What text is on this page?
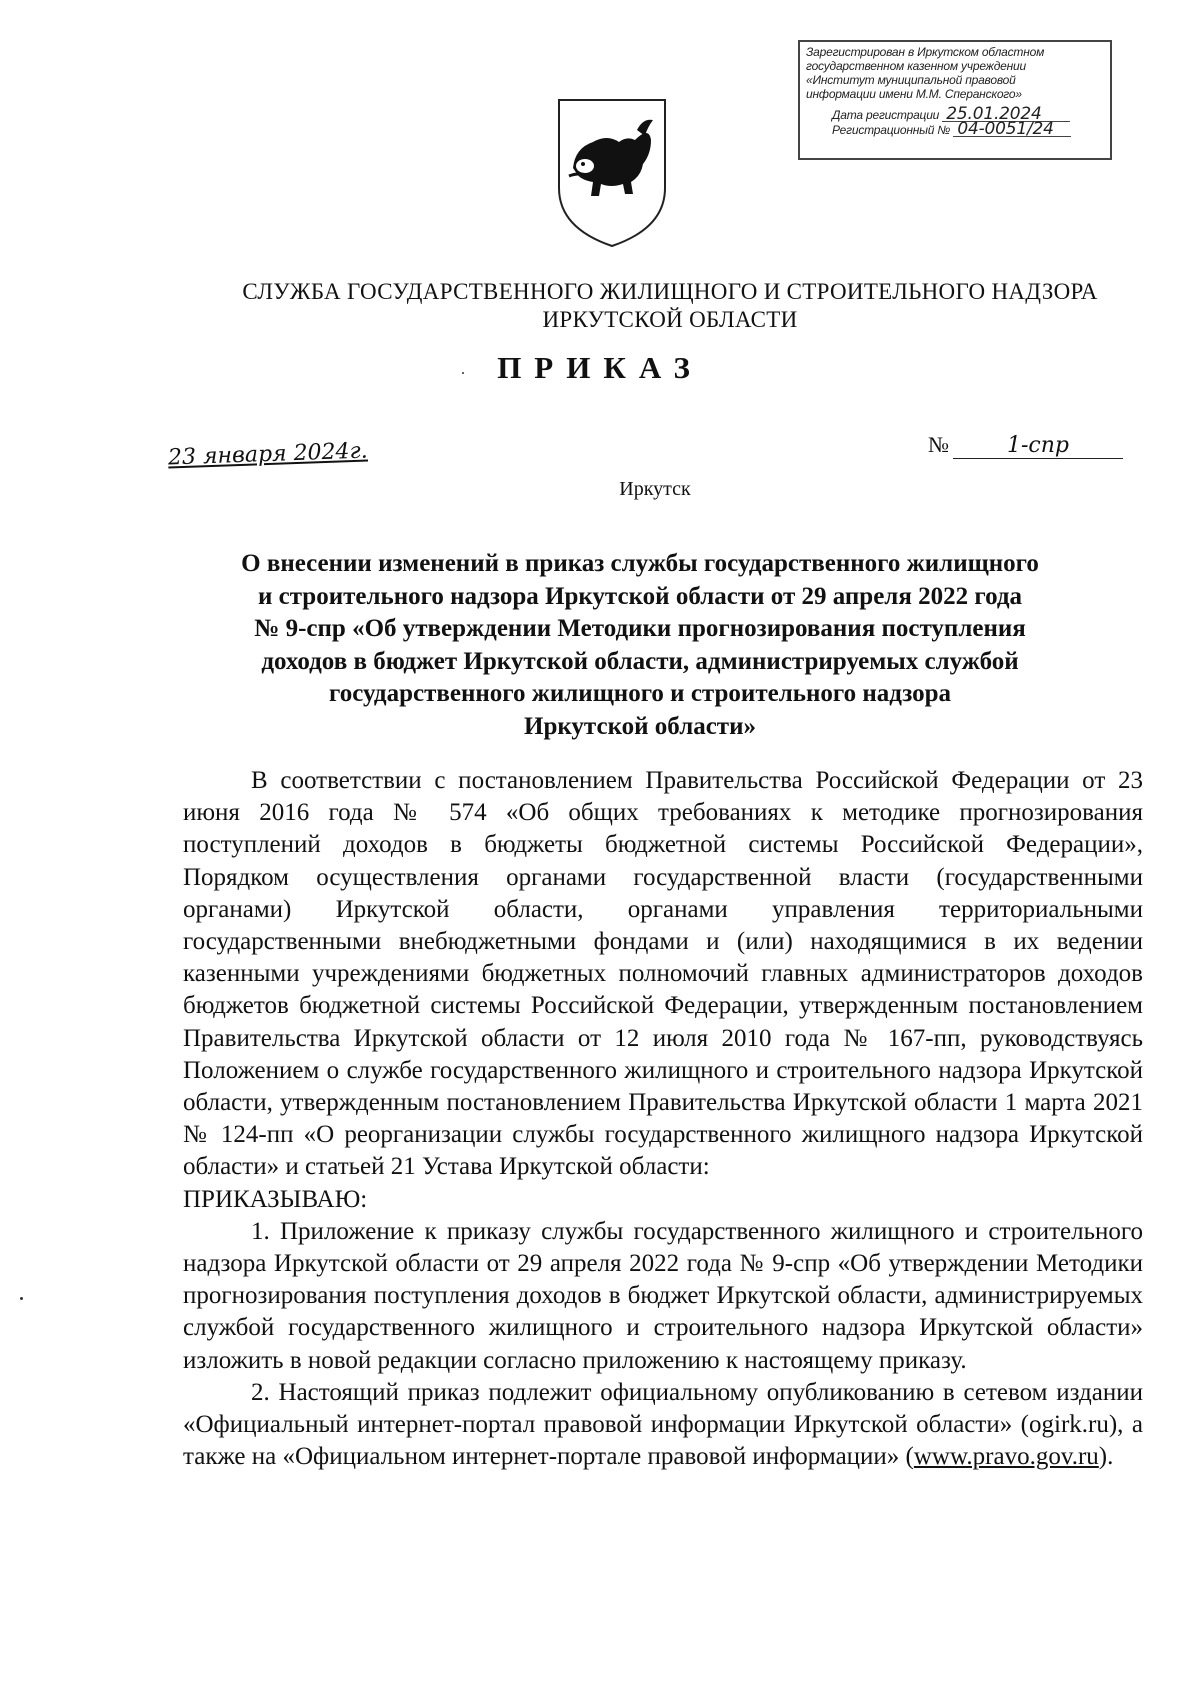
Зарегистрирован в Иркутском областном
государственном казенном учреждении
«Институт муниципальной правовой
информации имени М.М. Сперанского»
Дата регистрации 25.01.2024
Регистрационный № 04-0051/24
СЛУЖБА ГОСУДАРСТВЕННОГО ЖИЛИЩНОГО И СТРОИТЕЛЬНОГО НАДЗОРА
ИРКУТСКОЙ ОБЛАСТИ
ПРИКАЗ
23 января 2024г.	№	1-спр
Иркутск
О внесении изменений в приказ службы государственного жилищного
и строительного надзора Иркутской области от 29 апреля 2022 года
№ 9-спр «Об утверждении Методики прогнозирования поступления
доходов в бюджет Иркутской области, администрируемых службой
государственного жилищного и строительного надзора
Иркутской области»

В соответствии с постановлением Правительства Российской Федерации от 23 июня 2016 года № 574 «Об общих требованиях к методике прогнозирования поступлений доходов в бюджеты бюджетной системы Российской Федерации», Порядком осуществления органами государственной власти (государственными органами) Иркутской области, органами управления территориальными государственными внебюджетными фондами и (или) находящимися в их ведении казенными учреждениями бюджетных полномочий главных администраторов доходов бюджетов бюджетной системы Российской Федерации, утвержденным постановлением Правительства Иркутской области от 12 июля 2010 года № 167-пп, руководствуясь Положением о службе государственного жилищного и строительного надзора Иркутской области, утвержденным постановлением Правительства Иркутской области 1 марта 2021 № 124-пп «О реорганизации службы государственного жилищного надзора Иркутской области» и статьей 21 Устава Иркутской области:

ПРИКАЗЫВАЮ:

1. Приложение к приказу службы государственного жилищного и строительного надзора Иркутской области от 29 апреля 2022 года № 9-спр «Об утверждении Методики прогнозирования поступления доходов в бюджет Иркутской области, администрируемых службой государственного жилищного и строительного надзора Иркутской области» изложить в новой редакции согласно приложению к настоящему приказу.

2. Настоящий приказ подлежит официальному опубликованию в сетевом издании «Официальный интернет-портал правовой информации Иркутской области» (ogirk.ru), а также на «Официальном интернет-портале правовой информации» (www.pravo.gov.ru).
